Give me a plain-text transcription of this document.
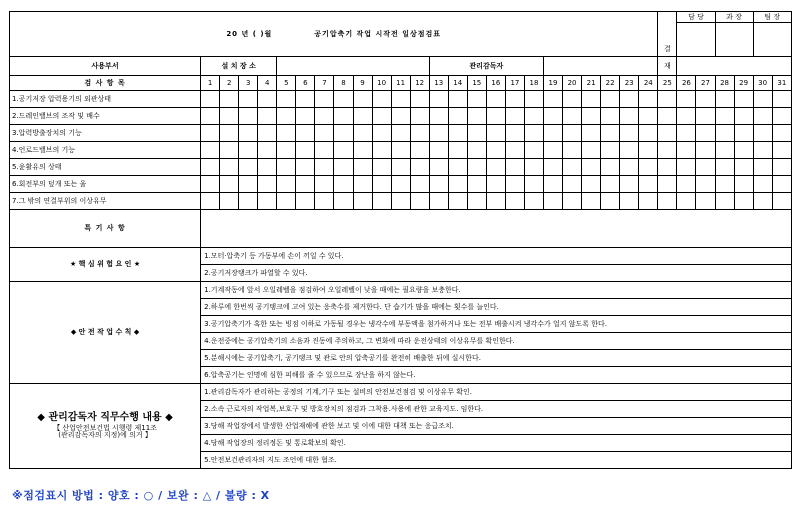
20 년 ( )월 공기압축기 작업 시작전 일상점검표																									결	담 당		과 장		팀 장	

사용부서	설 치 장 소												관리감독자												재						
검 사 항 목	1	2	3	4	5	6	7	8	9	10	11	12	13	14	15	16	17	18	19	20	21	22	23	24	25	26	27	28	29	30	31
1.공기저장 압력용기의 외관상태																															
2.드레인밸브의 조작 및 배수																															
3.압력방출장치의 기능																															
4.언로드밸브의 기능																															
5.윤활유의 상태																															
6.회전부의 덮개 또는 울																															
7.그 밖의 연결부위의 이상유무																															
특 기 사 항																															
★ 핵 심 위 험 요 인 ★	1.모터·압축기 등 가동부에 손이 끼일 수 있다.																														
	2.공기저장탱크가 파열할 수 있다.																														
◆ 안 전 작 업 수 칙 ◆	1.기계작동에 앞서 오일레벨을 점검하여 오일레벨이 낮을 때에는 필요량을 보충한다.																														
	2.하루에 한번씩 공기탱크에 고여 있는 응축수를 제거한다. 단 습기가 많을 때에는 횟수를 늘인다.																														
	3.공기압축기가 혹한 또는 빙점 이하로 가동될 경우는 냉각수에 부동액을 첨가하거나 또는 전부 배출시켜 냉각수가 얼지 않도록 한다.																														
	4.운전중에는 공기압축기의 소음과 진동에 주의하고, 그 변화에 따라 운전상태의 이상유무를 확인한다.																														
	5.분해시에는 공기압축기, 공기탱크 및 관로 안의 압축공기를 완전히 배출한 뒤에 실시한다.																														
	6.압축공기는 인명에 심한 피해를 줄 수 있으므로 장난을 하지 않는다.																														

◆ 관리감독자 직무수행 내용 ◆
【 산업안전보건법 시행령 제11조
(관리감독자의 지정)에 의거 】	1.관리감독자가 관리하는 공정의 기계,기구 또는 설비의 안전보건점검 및 이상유무 확인.																														
	2.소속 근로자의 작업복,보호구 및 방호장치의 점검과 그착용.사용에 관한 교육지도. 임한다.																														
	3.당해 작업장에서 발생한 산업재해에 관한 보고 및 이에 대한 대책 또는 응급조치.																														
	4.당해 작업장의 정리정돈 및 통로확보의 확인.																														
	5.안전보건관리자의 지도 조언에 대한 협조.																														
※점검표시 방법 : 양호 : ○ / 보완 : △ / 불량 : X
